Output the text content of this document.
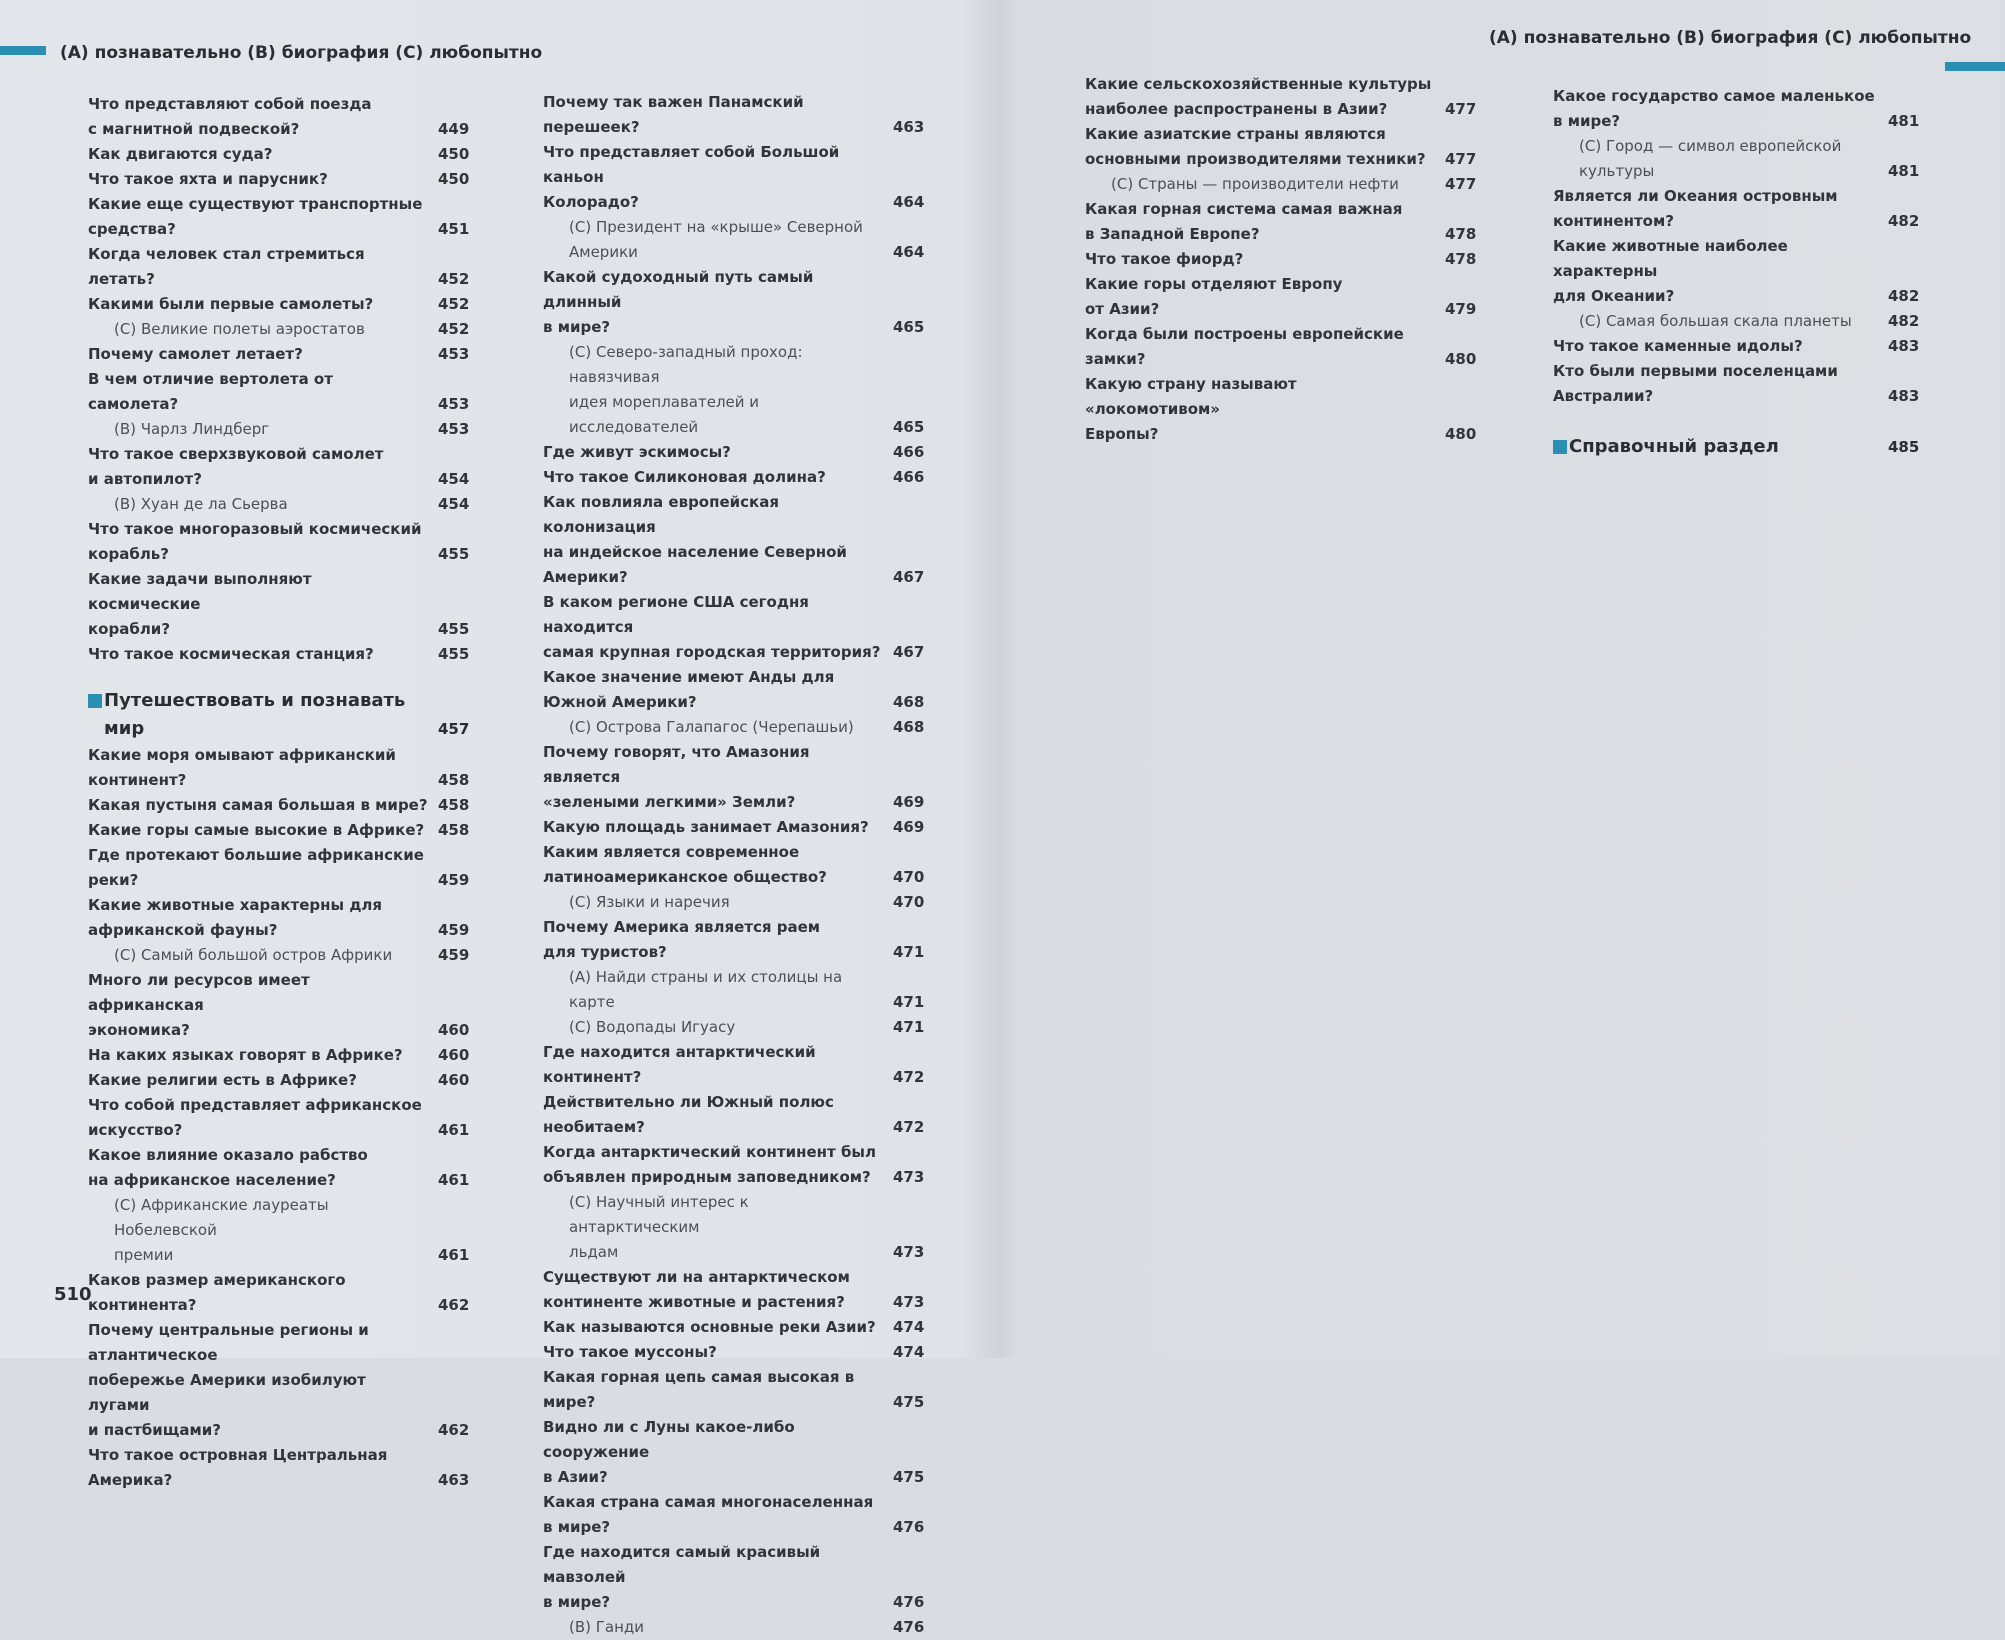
(A) познавательно (B) биография (C) любопытно
Что представляют собой поезда
с магнитной подвеской?	449
Как двигаются суда?	450
Что такое яхта и парусник?	450
Какие еще существуют транспортные
средства?	451
Когда человек стал стремиться летать?	452
Какими были первые самолеты?	452
(C) Великие полеты аэростатов	452
Почему самолет летает?	453
В чем отличие вертолета от самолета?	453
(B) Чарлз Линдберг	453
Что такое сверхзвуковой самолет
и автопилот?	454
(B) Хуан де ла Сьерва	454
Что такое многоразовый космический
корабль?	455
Какие задачи выполняют космические
корабли?	455
Что такое космическая станция?	455
Путешествовать и познавать мир	457
Какие моря омывают африканский
континент?	458
Какая пустыня самая большая в мире? 458
Какие горы самые высокие в Африке? 458
Где протекают большие африканские
реки?	459
Какие животные характерны для
африканской фауны?	459
(C) Самый большой остров Африки	459
Много ли ресурсов имеет африканская
экономика?	460
На каких языках говорят в Африке?	460
Какие религии есть в Африке?	460
Что собой представляет африканское
искусство?	461
Какое влияние оказало рабство
на африканское население?	461
(C) Африканские лауреаты Нобелевской
премии	461
Каков размер американского континента?	462
Почему центральные регионы и атлантическое
побережье Америки изобилуют лугами
и пастбищами?	462
Что такое островная Центральная
Америка?	463
510
Почему так важен Панамский перешеек?	463
Что представляет собой Большой каньон
Колорадо?	464
(C) Президент на «крыше» Северной
Америки	464
Какой судоходный путь самый длинный
в мире?	465
(C) Северо-западный проход: навязчивая
идея мореплавателей и исследователей	465
Где живут эскимосы?	466
Что такое Силиконовая долина?	466
Как повлияла европейская колонизация
на индейское население Северной Америки?	467
В каком регионе США сегодня находится
самая крупная городская территория? 467
Какое значение имеют Анды для
Южной Америки?	468
(C) Острова Галапагос (Черепашьи)	468
Почему говорят, что Амазония является
«зелеными легкими» Земли?	469
Какую площадь занимает Амазония?	469
Каким является современное
латиноамериканское общество?	470
(C) Языки и наречия	470
Почему Америка является раем
для туристов?	471
(A) Найди страны и их столицы на карте	471
(C) Водопады Игуасу	471
Где находится антарктический континент?	472
Действительно ли Южный полюс
необитаем?	472
Когда антарктический континент был
объявлен природным заповедником?	473
(C) Научный интерес к антарктическим
льдам	473
Существуют ли на антарктическом
континенте животные и растения?	473
Как называются основные реки Азии?	474
Что такое муссоны?	474
Какая горная цепь самая высокая в мире?	475
Видно ли с Луны какое-либо сооружение
в Азии?	475
Какая страна самая многонаселенная
в мире?	476
Где находится самый красивый мавзолей
в мире?	476
(B) Ганди	476
(A) познавательно (B) биография (C) любопытно
Какие сельскохозяйственные культуры
наиболее распространены в Азии?	477
Какие азиатские страны являются
основными производителями техники?	477
(C) Страны — производители нефти	477
Какая горная система самая важная
в Западной Европе?	478
Что такое фиорд?	478
Какие горы отделяют Европу
от Азии?	479
Когда были построены европейские замки?	480
Какую страну называют «локомотивом»
Европы?	480
Какое государство самое маленькое
в мире?	481
(C) Город — символ европейской культуры	481
Является ли Океания островным
континентом?	482
Какие животные наиболее характерны
для Океании?	482
(C) Самая большая скала планеты	482
Что такое каменные идолы?	483
Кто были первыми поселенцами
Австралии?	483
Справочный раздел	485
